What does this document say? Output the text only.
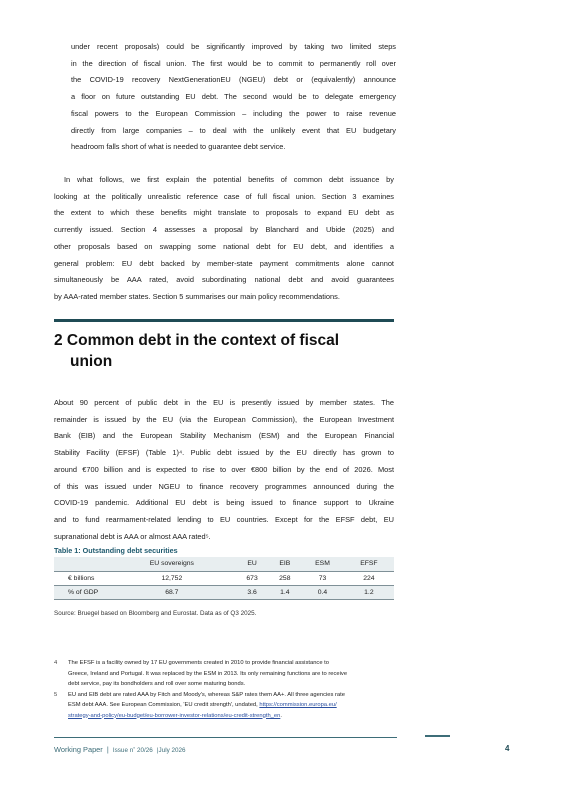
under recent proposals) could be significantly improved by taking two limited steps
in the direction of fiscal union. The first would be to commit to permanently roll over
the COVID-19 recovery NextGenerationEU (NGEU) debt or (equivalently) announce
a floor on future outstanding EU debt. The second would be to delegate emergency
fiscal powers to the European Commission – including the power to raise revenue
directly from large companies – to deal with the unlikely event that EU budgetary
headroom falls short of what is needed to guarantee debt service.
In what follows, we first explain the potential benefits of common debt issuance by
looking at the politically unrealistic reference case of full fiscal union. Section 3 examines
the extent to which these benefits might translate to proposals to expand EU debt as
currently issued. Section 4 assesses a proposal by Blanchard and Ubide (2025) and
other proposals based on swapping some national debt for EU debt, and identifies a
general problem: EU debt backed by member-state payment commitments alone cannot
simultaneously be AAA rated, avoid subordinating national debt and avoid guarantees
by AAA-rated member states. Section 5 summarises our main policy recommendations.
2 Common debt in the context of fiscal
union
About 90 percent of public debt in the EU is presently issued by member states. The
remainder is issued by the EU (via the European Commission), the European Investment
Bank (EIB) and the European Stability Mechanism (ESM) and the European Financial
Stability Facility (EFSF) (Table 1)⁴. Public debt issued by the EU directly has grown to
around €700 billion and is expected to rise to over €800 billion by the end of 2026. Most
of this was issued under NGEU to finance recovery programmes announced during the
COVID-19 pandemic. Additional EU debt is being issued to finance support to Ukraine
and to fund rearmament-related lending to EU countries. Except for the EFSF debt, EU
supranational debt is AAA or almost AAA rated⁵.
Table 1: Outstanding debt securities
	EU sovereigns	EU	EIB	ESM	EFSF
€ billions	12,752	673	258	73	224
% of GDP	68.7	3.6	1.4	0.4	1.2
Source: Bruegel based on Bloomberg and Eurostat. Data as of Q3 2025.
4	The EFSF is a facility owned by 17 EU governments created in 2010 to provide financial assistance to
Greece, Ireland and Portugal. It was replaced by the ESM in 2013. Its only remaining functions are to receive
debt service, pay its bondholders and roll over some maturing bonds.
5	EU and EIB debt are rated AAA by Fitch and Moody's, whereas S&P rates them AA+. All three agencies rate
ESM debt AAA. See European Commission, 'EU credit strength', undated, https://commission.europa.eu/
strategy-and-policy/eu-budget/eu-borrower-investor-relations/eu-credit-strength_en.
Working Paper | Issue n˚ 20/26 |July 2026	4
